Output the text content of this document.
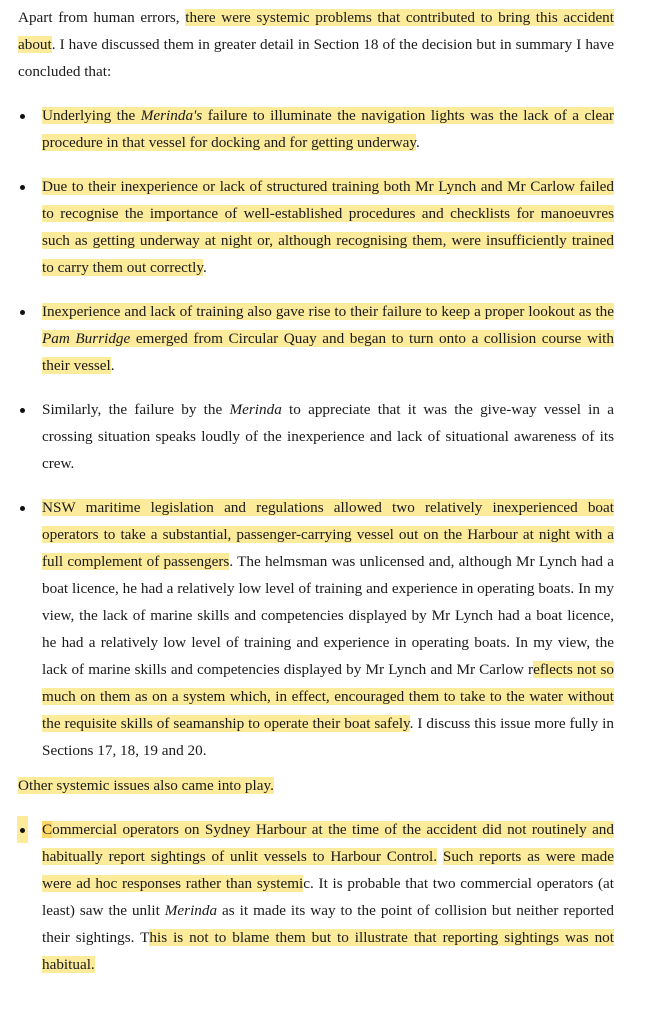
Apart from human errors, there were systemic problems that contributed to bring this accident about. I have discussed them in greater detail in Section 18 of the decision but in summary I have concluded that:

Underlying the Merinda's failure to illuminate the navigation lights was the lack of a clear procedure in that vessel for docking and for getting underway.
Due to their inexperience or lack of structured training both Mr Lynch and Mr Carlow failed to recognise the importance of well-established procedures and checklists for manoeuvres such as getting underway at night or, although recognising them, were insufficiently trained to carry them out correctly.
Inexperience and lack of training also gave rise to their failure to keep a proper lookout as the Pam Burridge emerged from Circular Quay and began to turn onto a collision course with their vessel.
Similarly, the failure by the Merinda to appreciate that it was the give-way vessel in a crossing situation speaks loudly of the inexperience and lack of situational awareness of its crew.
NSW maritime legislation and regulations allowed two relatively inexperienced boat operators to take a substantial, passenger-carrying vessel out on the Harbour at night with a full complement of passengers. The helmsman was unlicensed and, although Mr Lynch had a boat licence, he had a relatively low level of training and experience in operating boats. In my view, the lack of marine skills and competencies displayed by Mr Lynch had a boat licence, he had a relatively low level of training and experience in operating boats. In my view, the lack of marine skills and competencies displayed by Mr Lynch and Mr Carlow reflects not so much on them as on a system which, in effect, encouraged them to take to the water without the requisite skills of seamanship to operate their boat safely. I discuss this issue more fully in Sections 17, 18, 19 and 20.

Other systemic issues also came into play.

Commercial operators on Sydney Harbour at the time of the accident did not routinely and habitually report sightings of unlit vessels to Harbour Control. Such reports as were made were ad hoc responses rather than systemic. It is probable that two commercial operators (at least) saw the unlit Merinda as it made its way to the point of collision but neither reported their sightings. This is not to blame them but to illustrate that reporting sightings was not habitual.
